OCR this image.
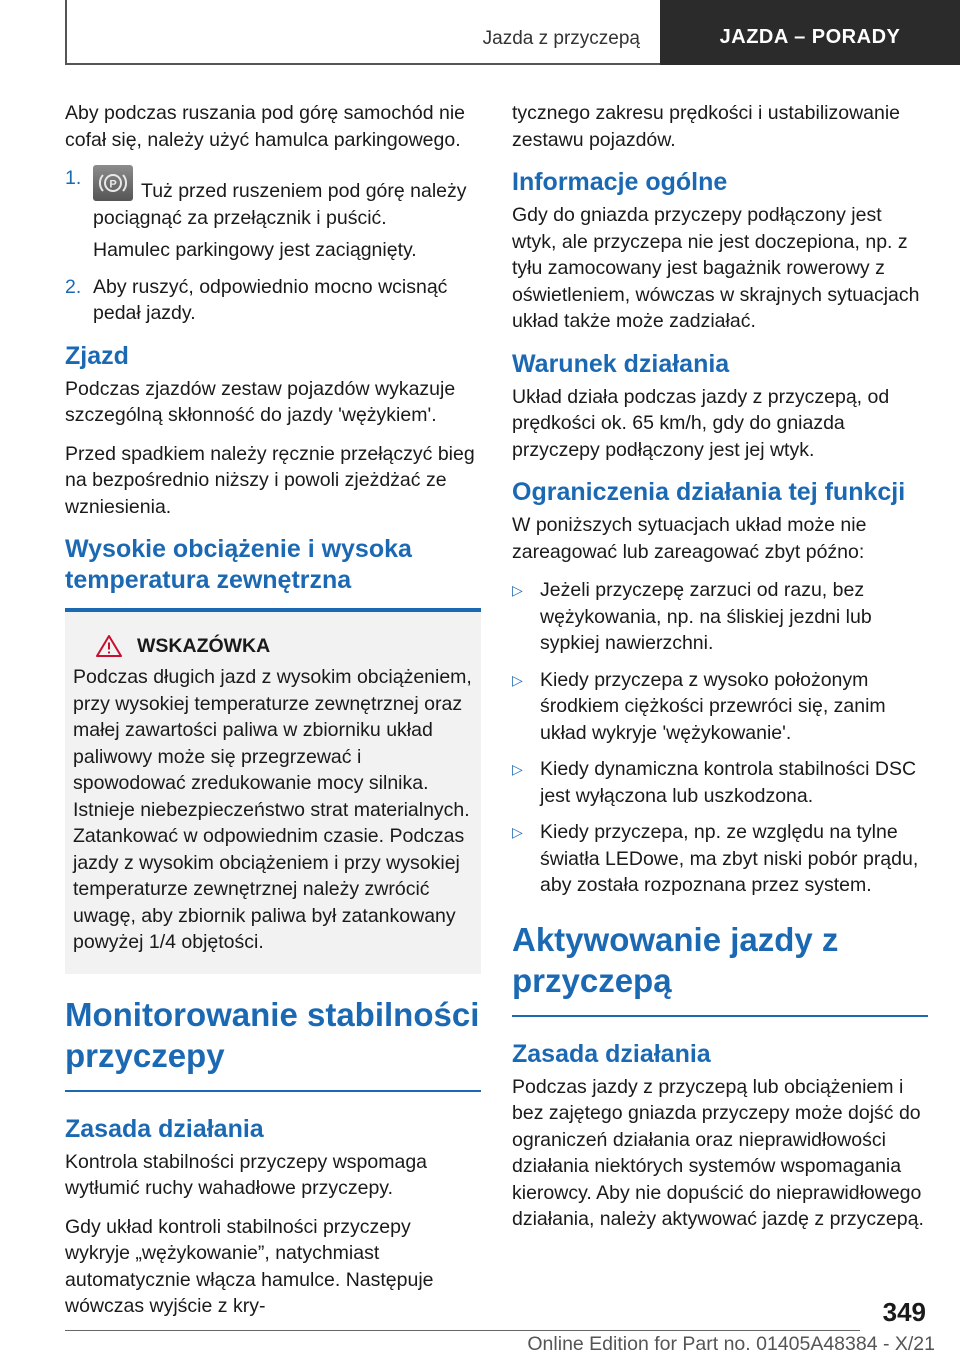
Jazda z przyczepą	JAZDA – PORADY

Aby podczas ruszania pod górę samochód nie cofał się, należy użyć hamulca parkingowego.

1.	P Tuż przed ruszeniem pod górę należy pociągnąć za przełącznik i puścić.
Hamulec parkingowy jest zaciągnięty.
2. Aby ruszyć, odpowiednio mocno wcisnąć pedał jazdy.
Zjazd

Podczas zjazdów zestaw pojazdów wykazuje szczególną skłonność do jazdy 'wężykiem'.

Przed spadkiem należy ręcznie przełączyć bieg na bezpośrednio niższy i powoli zjeżdżać ze wzniesienia.

Wysokie obciążenie i wysoka temperatura zewnętrzna
WSKAZÓWKA

Podczas długich jazd z wysokim obciążeniem, przy wysokiej temperaturze zewnętrznej oraz małej zawartości paliwa w zbiorniku układ paliwowy może się przegrzewać i spowodować zredukowanie mocy silnika. Istnieje niebezpieczeństwo strat materialnych. Zatankować w odpowiednim czasie. Podczas jazdy z wysokim obciążeniem i przy wysokiej temperaturze zewnętrznej należy zwrócić uwagę, aby zbiornik paliwa był zatankowany powyżej 1/4 objętości.

Monitorowanie stabilności przyczepy
Zasada działania

Kontrola stabilności przyczepy wspomaga wytłumić ruchy wahadłowe przyczepy.

Gdy układ kontroli stabilności przyczepy wykryje „wężykowanie”, natychmiast automatycznie włącza hamulce. Następuje wówczas wyjście z kry-

tycznego zakresu prędkości i ustabilizowanie zestawu pojazdów.

Informacje ogólne

Gdy do gniazda przyczepy podłączony jest wtyk, ale przyczepa nie jest doczepiona, np. z tyłu zamocowany jest bagażnik rowerowy z oświetleniem, wówczas w skrajnych sytuacjach układ także może zadziałać.

Warunek działania

Układ działa podczas jazdy z przyczepą, od prędkości ok. 65 km/h, gdy do gniazda przyczepy podłączony jest jej wtyk.

Ograniczenia działania tej funkcji

W poniższych sytuacjach układ może nie zareagować lub zareagować zbyt późno:

▷ Jeżeli przyczepę zarzuci od razu, bez wężykowania, np. na śliskiej jezdni lub sypkiej nawierzchni.
▷ Kiedy przyczepa z wysoko położonym środkiem ciężkości przewróci się, zanim układ wykryje 'wężykowanie'.
▷ Kiedy dynamiczna kontrola stabilności DSC jest wyłączona lub uszkodzona.
▷ Kiedy przyczepa, np. ze względu na tylne światła LEDowe, ma zbyt niski pobór prądu, aby została rozpoznana przez system.
Aktywowanie jazdy z przyczepą
Zasada działania

Podczas jazdy z przyczepą lub obciążeniem i bez zajętego gniazda przyczepy może dojść do ograniczeń działania oraz nieprawidłowości działania niektórych systemów wspomagania kierowcy. Aby nie dopuścić do nieprawidłowego działania, należy aktywować jazdę z przyczepą.

349
Online Edition for Part no. 01405A48384 - X/21
